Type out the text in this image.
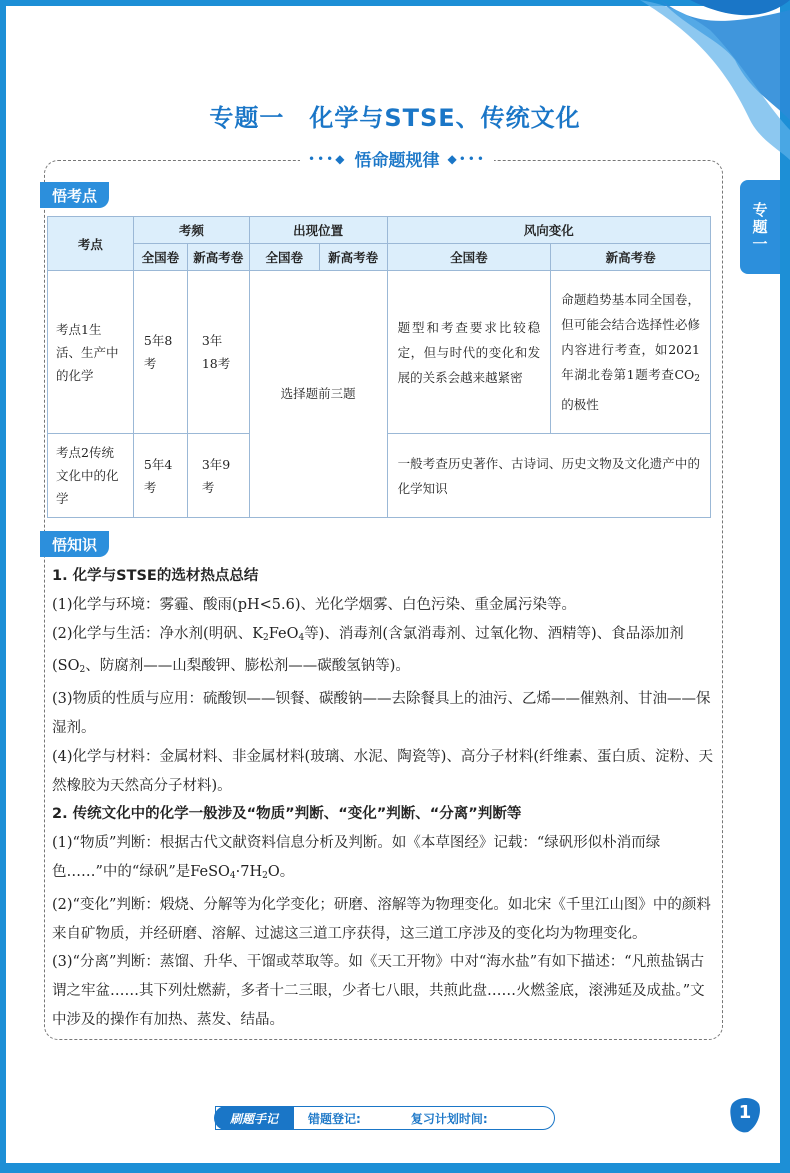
专题一　化学与STSE、传统文化
专题一
•••◆ 悟命题规律 ◆•••
悟考点
考点	考频		出现位置		风向变化	
	全国卷	新高考卷	全国卷	新高考卷	全国卷	新高考卷
考点1生活、生产中的化学	5年8考	3年18考	选择题前三题		题型和考查要求比较稳定，但与时代的变化和发展的关系会越来越紧密	命题趋势基本同全国卷，但可能会结合选择性必修内容进行考查，如2021年湖北卷第1题考查$CO_2$的极性
考点2传统文化中的化学	5年4考	3年9考			一般考查历史著作、古诗词、历史文物及文化遗产中的化学知识	
悟知识

1. 化学与STSE的选材热点总结

(1)化学与环境：雾霾、酸雨(pH<5.6)、光化学烟雾、白色污染、重金属污染等。

(2)化学与生活：净水剂(明矾、$K_2FeO_4$等)、消毒剂(含氯消毒剂、过氧化物、酒精等)、食品添加剂($SO_2$、防腐剂——山梨酸钾、膨松剂——碳酸氢钠等)。

(3)物质的性质与应用：硫酸钡——钡餐、碳酸钠——去除餐具上的油污、乙烯——催熟剂、甘油——保湿剂。

(4)化学与材料：金属材料、非金属材料(玻璃、水泥、陶瓷等)、高分子材料(纤维素、蛋白质、淀粉、天然橡胶为天然高分子材料)。

2. 传统文化中的化学一般涉及“物质”判断、“变化”判断、“分离”判断等

(1)“物质”判断：根据古代文献资料信息分析及判断。如《本草图经》记载：“绿矾形似朴消而绿色……”中的“绿矾”是$FeSO_4\cdot 7H_2O$。

(2)“变化”判断：煅烧、分解等为化学变化；研磨、溶解等为物理变化。如北宋《千里江山图》中的颜料来自矿物质，并经研磨、溶解、过滤这三道工序获得，这三道工序涉及的变化均为物理变化。

(3)“分离”判断：蒸馏、升华、干馏或萃取等。如《天工开物》中对“海水盐”有如下描述：“凡煎盐锅古谓之牢盆……其下列灶燃薪，多者十二三眼，少者七八眼，共煎此盘……火燃釜底，滚沸延及成盐。”文中涉及的操作有加热、蒸发、结晶。

刷题手记	错题登记:	复习计划时间:	1
